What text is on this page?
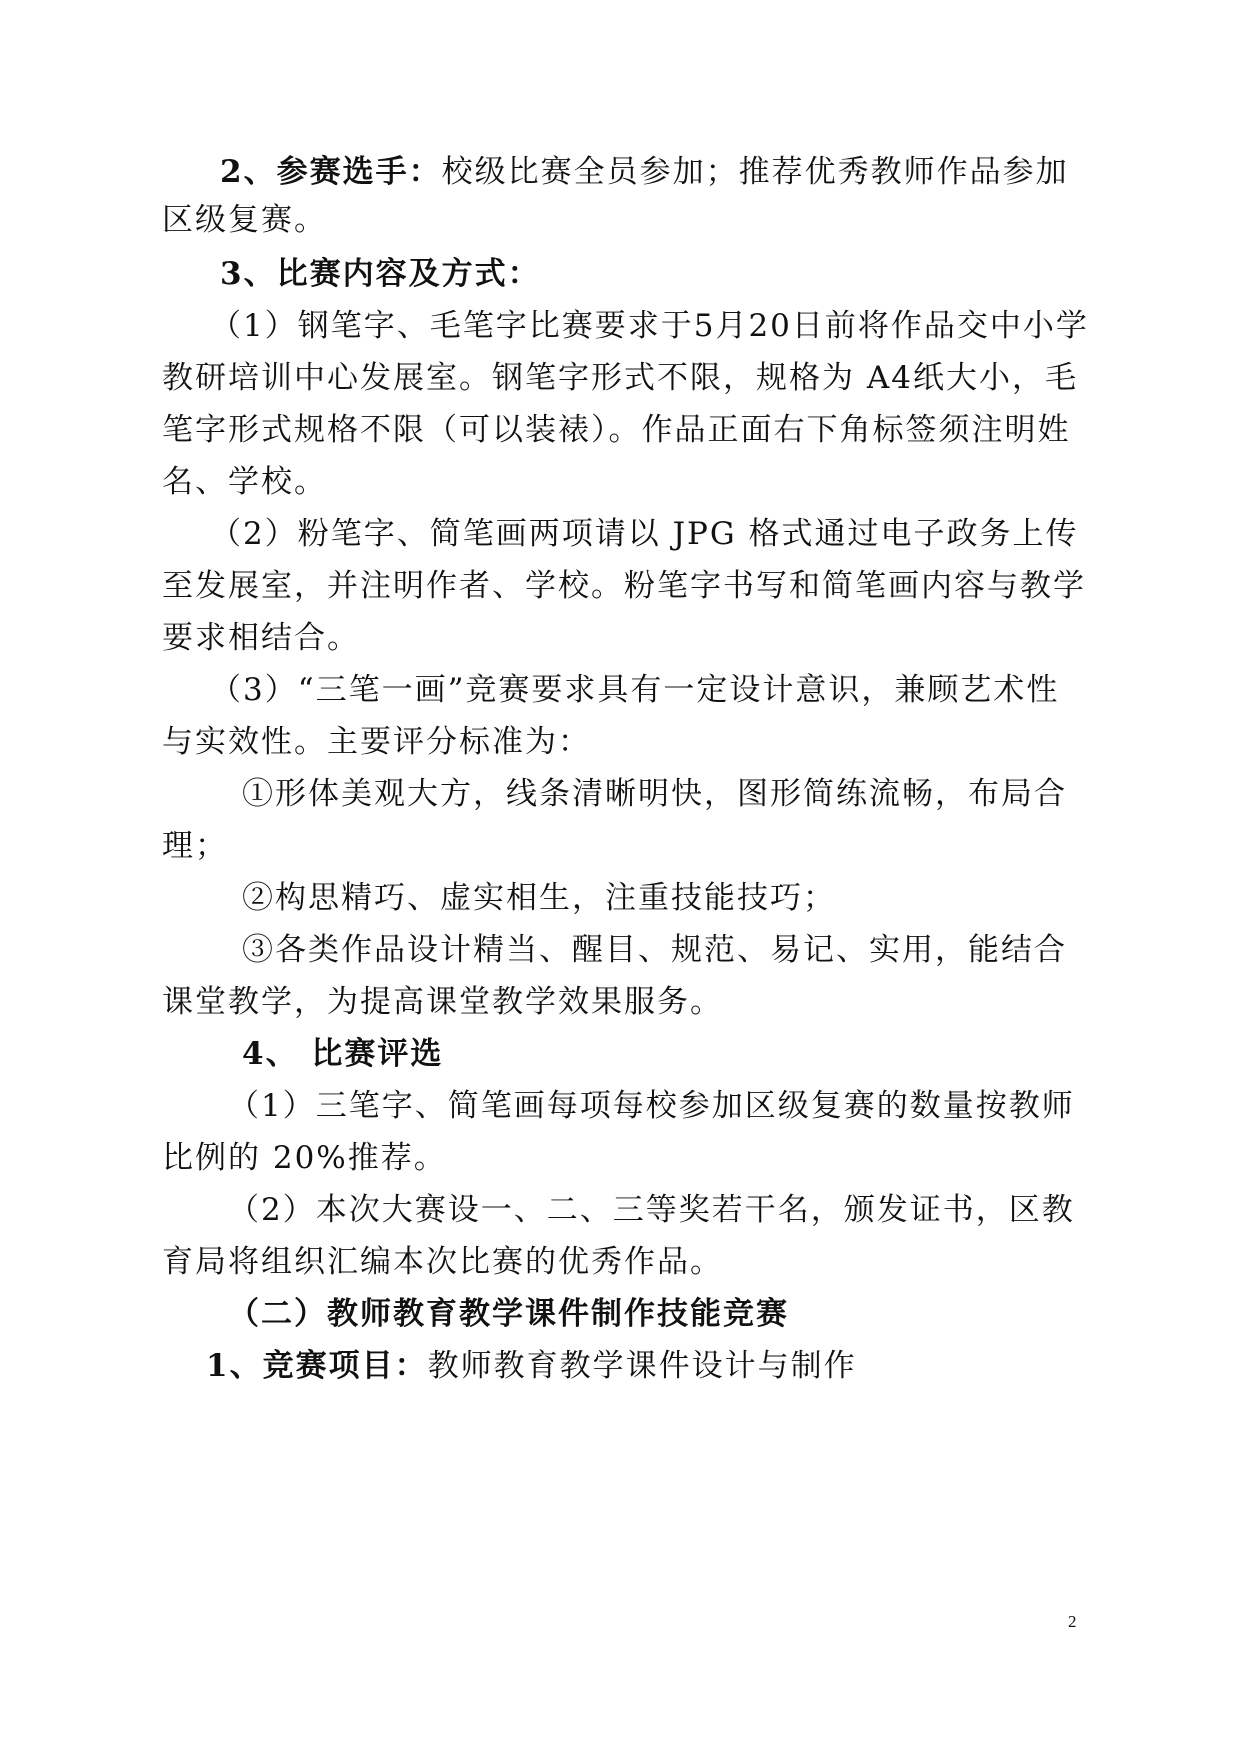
2、参赛选手：校级比赛全员参加；推荐优秀教师作品参加
区级复赛。
3、比赛内容及方式：
（1）钢笔字、毛笔字比赛要求于5月20日前将作品交中小学
教研培训中心发展室。钢笔字形式不限，规格为 A4纸大小，毛
笔字形式规格不限（可以装裱）。作品正面右下角标签须注明姓
名、学校。
（2）粉笔字、简笔画两项请以 JPG 格式通过电子政务上传
至发展室，并注明作者、学校。粉笔字书写和简笔画内容与教学
要求相结合。
（3）“三笔一画”竞赛要求具有一定设计意识，兼顾艺术性
与实效性。主要评分标准为：
①形体美观大方，线条清晰明快，图形简练流畅，布局合
理；
②构思精巧、虚实相生，注重技能技巧；
③各类作品设计精当、醒目、规范、易记、实用，能结合
课堂教学，为提高课堂教学效果服务。
4、 比赛评选
（1）三笔字、简笔画每项每校参加区级复赛的数量按教师
比例的 20%推荐。
（2）本次大赛设一、二、三等奖若干名，颁发证书，区教
育局将组织汇编本次比赛的优秀作品。
（二）教师教育教学课件制作技能竞赛
1、竞赛项目：教师教育教学课件设计与制作
2
